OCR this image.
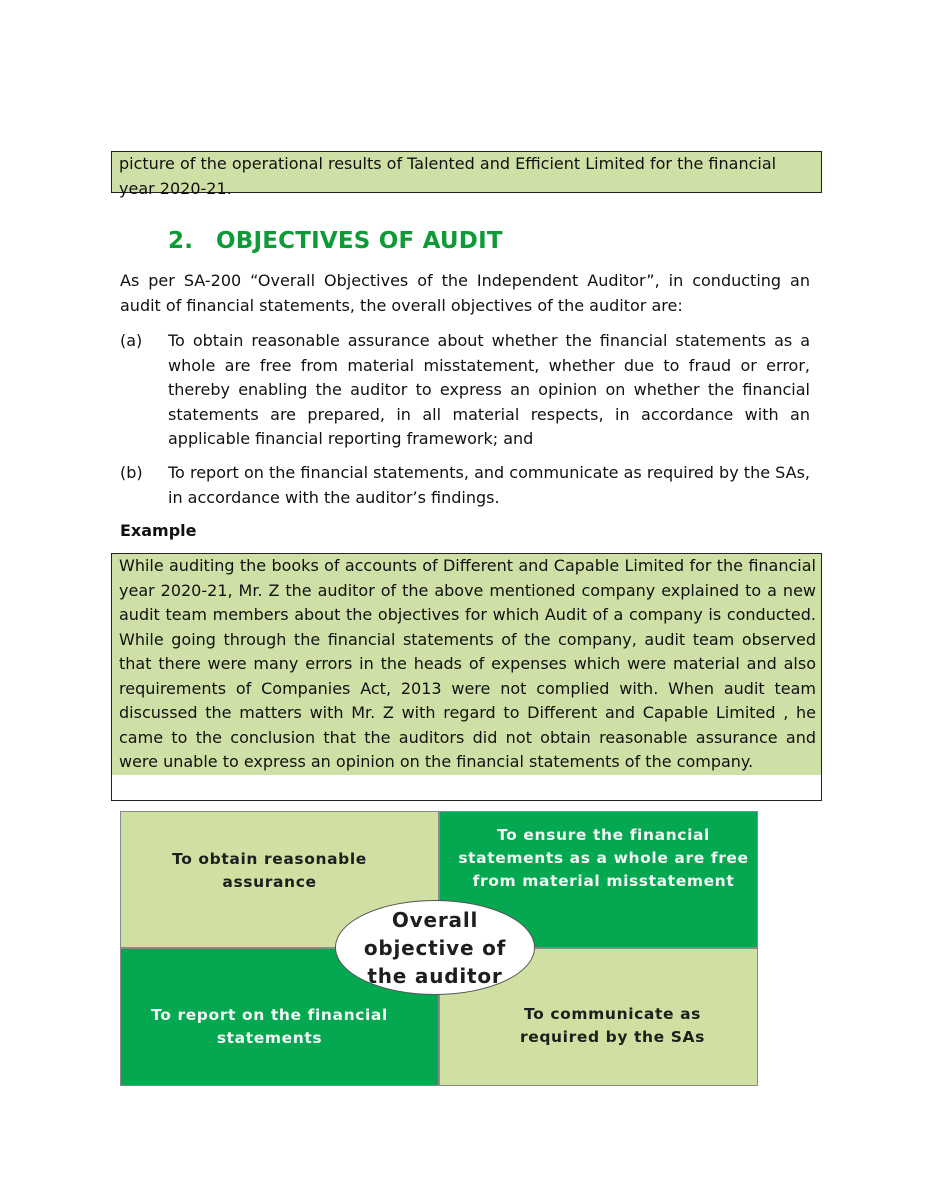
picture of the operational results of Talented and Efficient Limited for the financial year 2020-21.

2. OBJECTIVES OF AUDIT

As per SA-200 “Overall Objectives of the Independent Auditor”, in conducting an audit of financial statements, the overall objectives of the auditor are:

(a)	To obtain reasonable assurance about whether the financial statements as a whole are free from material misstatement, whether due to fraud or error, thereby enabling the auditor to express an opinion on whether the financial statements are prepared, in all material respects, in accordance with an applicable financial reporting framework; and
(b)	To report on the financial statements, and communicate as required by the SAs, in accordance with the auditor’s findings.
Example

While auditing the books of accounts of Different and Capable Limited for the financial year 2020-21, Mr. Z the auditor of the above mentioned company explained to a new audit team members about the objectives for which Audit of a company is conducted. While going through the financial statements of the company, audit team observed that there were many errors in the heads of expenses which were material and also requirements of Companies Act, 2013 were not complied with. When audit team discussed the matters with Mr. Z with regard to Different and Capable Limited , he came to the conclusion that the auditors did not obtain reasonable assurance and were unable to express an opinion on the financial statements of the company.

To obtain reasonable assurance
To ensure the financial statements as a whole are free from material misstatement
To report on the financial statements
To communicate as required by the SAs
Overall objective of the auditor
